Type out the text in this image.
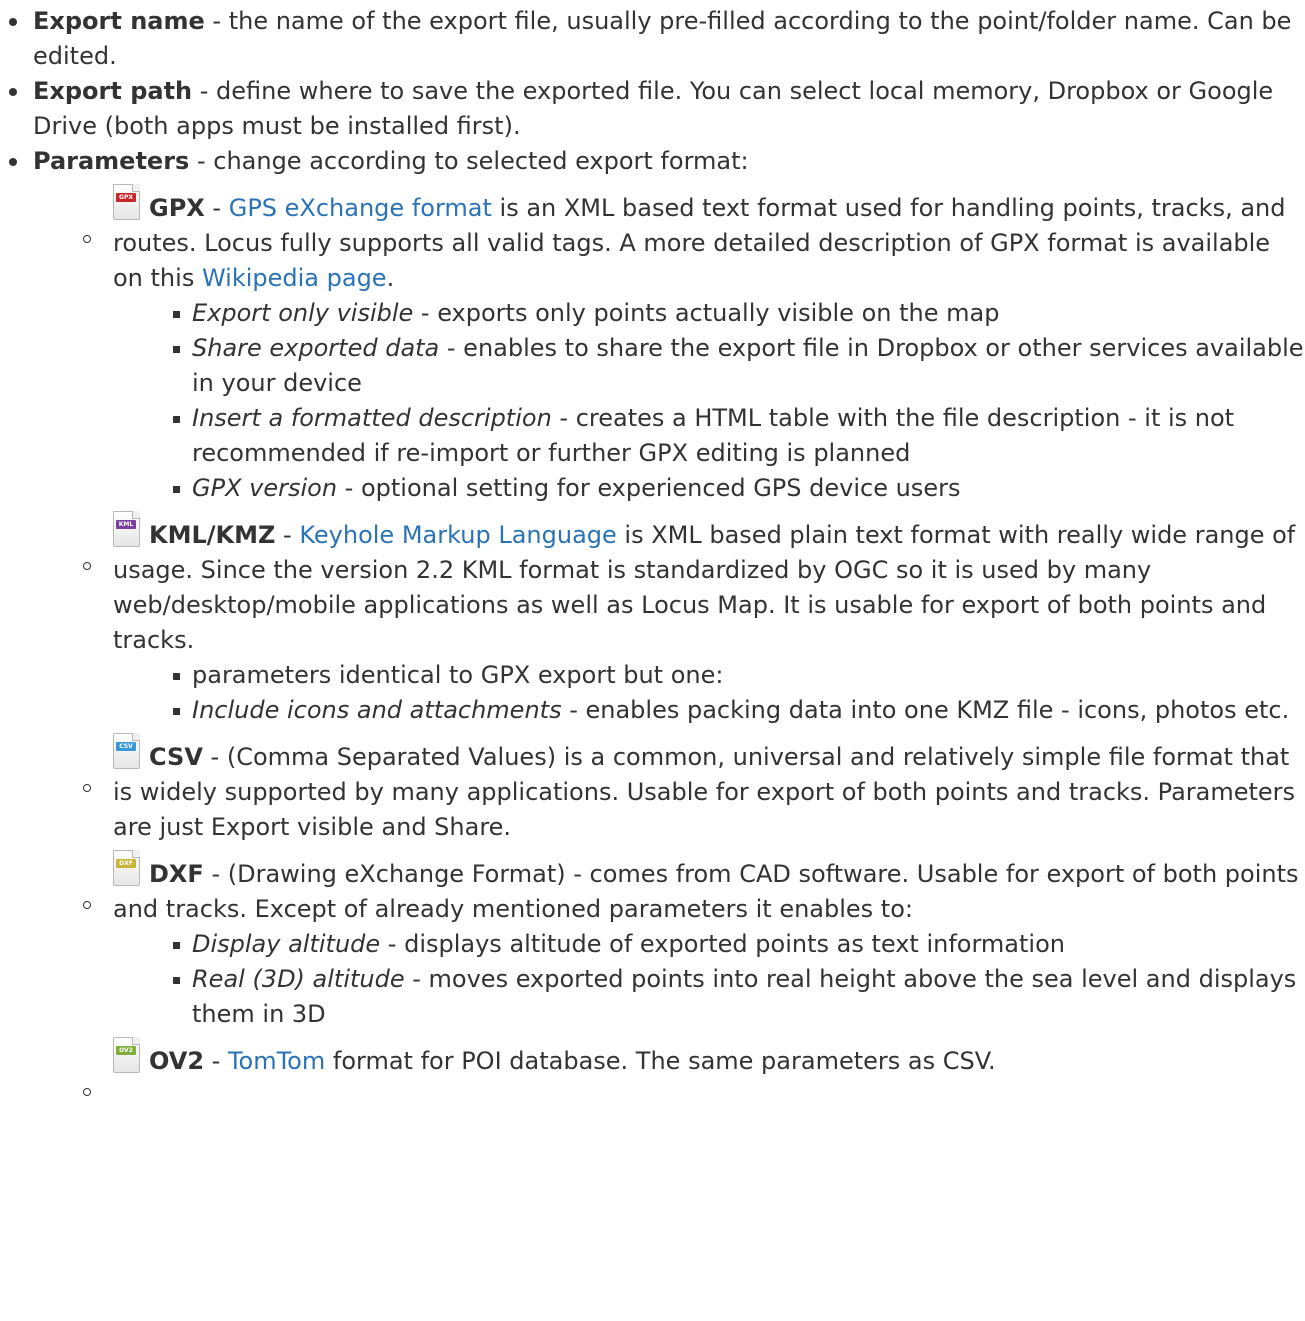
Export name - the name of the export file, usually pre-filled according to the point/folder name. Can be edited.
Export path - define where to save the exported file. You can select local memory, Dropbox or Google Drive (both apps must be installed first).
Parameters - change according to selected export format:
GPX GPX - GPS eXchange format is an XML based text format used for handling points, tracks, and routes. Locus fully supports all valid tags. A more detailed description of GPX format is available on this Wikipedia page.
Export only visible - exports only points actually visible on the map
Share exported data - enables to share the export file in Dropbox or other services available in your device
Insert a formatted description - creates a HTML table with the file description - it is not recommended if re-import or further GPX editing is planned
GPX version - optional setting for experienced GPS device users
KML KML/KMZ - Keyhole Markup Language is XML based plain text format with really wide range of usage. Since the version 2.2 KML format is standardized by OGC so it is used by many web/desktop/mobile applications as well as Locus Map. It is usable for export of both points and tracks.
parameters identical to GPX export but one:
Include icons and attachments - enables packing data into one KMZ file - icons, photos etc.
CSV CSV - (Comma Separated Values) is a common, universal and relatively simple file format that is widely supported by many applications. Usable for export of both points and tracks. Parameters are just Export visible and Share.
DXF DXF - (Drawing eXchange Format) - comes from CAD software. Usable for export of both points and tracks. Except of already mentioned parameters it enables to:
Display altitude - displays altitude of exported points as text information
Real (3D) altitude - moves exported points into real height above the sea level and displays them in 3D
OV2 OV2 - TomTom format for POI database. The same parameters as CSV.
